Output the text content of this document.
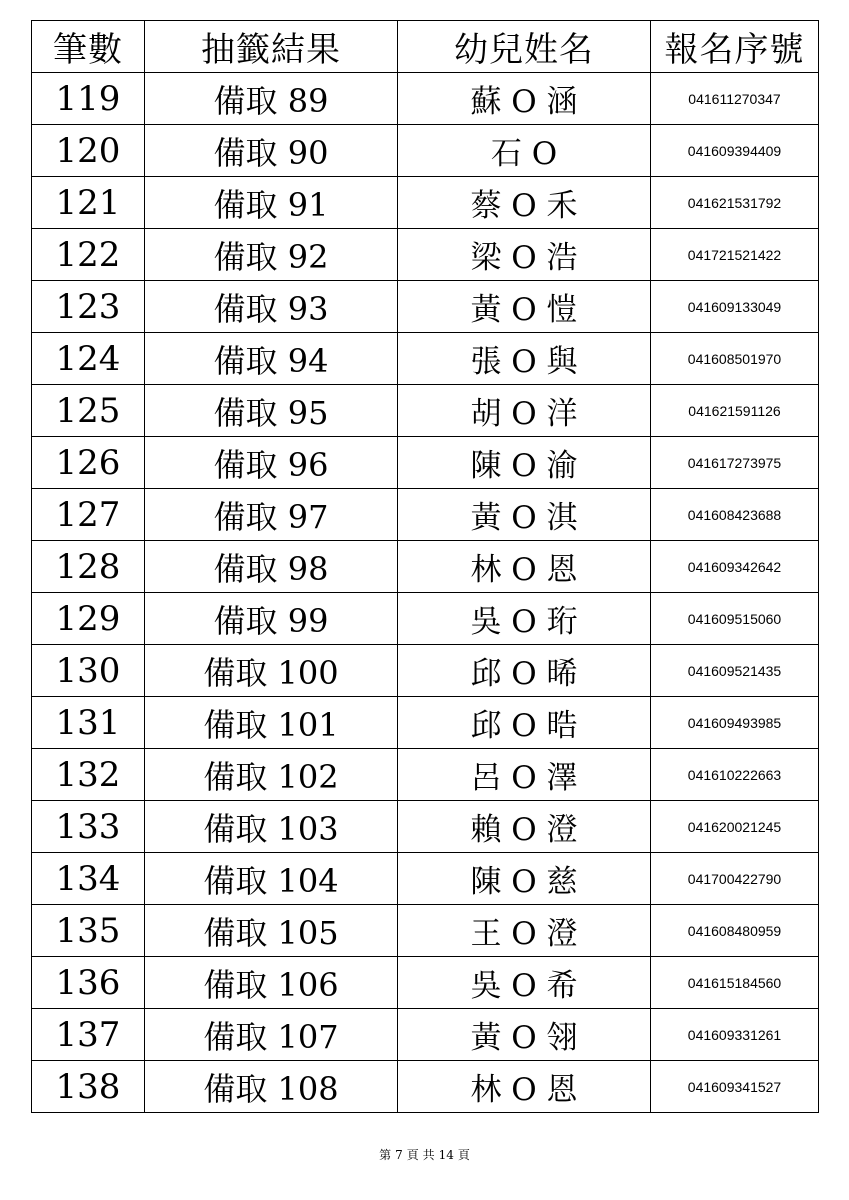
筆數	抽籤結果	幼兒姓名	報名序號
119	備取 89	蘇 O 涵	041611270347
120	備取 90	石 O	041609394409
121	備取 91	蔡 O 禾	041621531792
122	備取 92	梁 O 浩	041721521422
123	備取 93	黃 O 愷	041609133049
124	備取 94	張 O 與	041608501970
125	備取 95	胡 O 洋	041621591126
126	備取 96	陳 O 渝	041617273975
127	備取 97	黃 O 淇	041608423688
128	備取 98	林 O 恩	041609342642
129	備取 99	吳 O 珩	041609515060
130	備取 100	邱 O 晞	041609521435
131	備取 101	邱 O 晧	041609493985
132	備取 102	呂 O 澤	041610222663
133	備取 103	賴 O 澄	041620021245
134	備取 104	陳 O 慈	041700422790
135	備取 105	王 O 澄	041608480959
136	備取 106	吳 O 希	041615184560
137	備取 107	黃 O 翎	041609331261
138	備取 108	林 O 恩	041609341527
第 7 頁 共 14 頁
